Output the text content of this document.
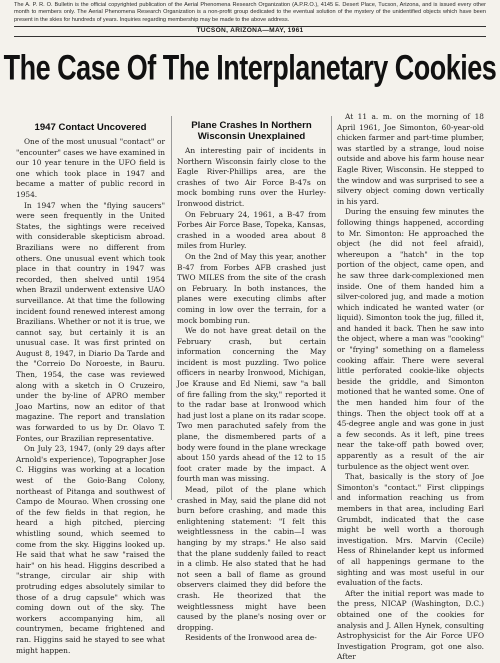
The A. P. R. O. Bulletin is the official copyrighted publication of the Aerial Phenomena Research Organization (A.P.R.O.), 4145 E. Desert Place, Tucson, Arizona, and is issued every other month to members only. The Aerial Phenomena Research Organization is a non-profit group dedicated to the eventual solution of the mystery of the unidentified objects which have been present in the skies for hundreds of years. Inquiries regarding membership may be made to the above address.
TUCSON, ARIZONA—MAY, 1961
The Case Of The Interplanetary Cookies
1947 Contact Uncovered

One of the most unusual "contact" or "encounter" cases we have examined in our 10 year tenure in the UFO field is one which took place in 1947 and became a matter of public record in 1954.

In 1947 when the "flying saucers" were seen frequently in the United States, the sightings were received with considerable skepticism abroad. Brazilians were no different from others. One unusual event which took place in that country in 1947 was recorded, then shelved until 1954 when Brazil underwent extensive UAO surveillance. At that time the following incident found renewed interest among Brazilians. Whether or not it is true, we cannot say, but certainly it is an unusual case. It was first printed on August 8, 1947, in Diario Da Tarde and the "Correio Do Noroeste, in Bauru. Then, 1954, the case was reviewed along with a sketch in O Cruzeiro, under the by-line of APRO member Joao Martins, now an editor of that magazine. The report and translation was forwarded to us by Dr. Olavo T. Fontes, our Brazilian representative.

On July 23, 1947, (only 29 days after Arnold's experience), Topographer Jose C. Higgins was working at a location west of the Goio-Bang Colony, northeast of Pitanga and southwest of Campo de Mourao. When crossing one of the few fields in that region, he heard a high pitched, piercing whistling sound, which seemed to come from the sky. Higgins looked up. He said that what he saw "raised the hair" on his head. Higgins described a "strange, circular air ship with protruding edges absolutely similar to those of a drug capsule" which was coming down out of the sky. The workers accompanying him, all countrymen, became frightened and ran. Higgins said he stayed to see what might happen.

Plane Crashes In Northern Wisconsin Unexplained

An interesting pair of incidents in Northern Wisconsin fairly close to the Eagle River-Phillips area, are the crashes of two Air Force B-47s on mock bombing runs over the Hurley-Ironwood district.

On February 24, 1961, a B-47 from Forbes Air Force Base, Topeka, Kansas, crashed in a wooded area about 8 miles from Hurley.

On the 2nd of May this year, another B-47 from Forbes AFB crashed just TWO MILES from the site of the crash on February. In both instances, the planes were executing climbs after coming in low over the terrain, for a mock bombing run.

We do not have great detail on the February crash, but certain information concerning the May incident is most puzzling. Two police officers in nearby Ironwood, Michigan, Joe Krause and Ed Niemi, saw "a ball of fire falling from the sky," reported it to the radar base at Ironwood which had just lost a plane on its radar scope. Two men parachuted safely from the plane, the dismembered parts of a body were found in the plane wreckage about 150 yards ahead of the 12 to 15 foot crater made by the impact. A fourth man was missing.

Mead, pilot of the plane which crashed in May, said the plane did not burn before crashing, and made this enlightening statement: "I felt this weightlessness in the cabin—I was hanging by my straps." He also said that the plane suddenly failed to react in a climb. He also stated that he had not seen a ball of flame as ground observers claimed they did before the crash. He theorized that the weightlessness might have been caused by the plane's nosing over or dropping.

Residents of the Ironwood area de-

At 11 a. m. on the morning of 18 April 1961, Joe Simonton, 60-year-old chicken farmer and part-time plumber, was startled by a strange, loud noise outside and above his farm house near Eagle River, Wisconsin. He stepped to the window and was surprised to see a silvery object coming down vertically in his yard.

During the ensuing few minutes the following things happened, according to Mr. Simonton: He approached the object (he did not feel afraid), whereupon a "hatch" in the top portion of the object, came open, and he saw three dark-complexioned men inside. One of them handed him a silver-colored jug, and made a motion which indicated he wanted water (or liquid). Simonton took the jug, filled it, and handed it back. Then he saw into the object, where a man was "cooking" or "frying" something on a flameless cooking affair. There were several little perforated cookie-like objects beside the griddle, and Simonton motioned that he wanted some. One of the men handed him four of the things. Then the object took off at a 45-degree angle and was gone in just a few seconds. As it left, pine trees near the take-off path bowed over, apparently as a result of the air turbulence as the object went over.

That, basically is the story of Joe Simonton's "contact." First clippings and information reaching us from members in that area, including Earl Grumbdt, indicated that the case might be well worth a thorough investigation. Mrs. Marvin (Cecile) Hess of Rhinelander kept us informed of all happenings germane to the sighting and was most useful in our evaluation of the facts.

After the initial report was made to the press, NICAP (Washington, D.C.) obtained one of the cookies for analysis and J. Allen Hynek, consulting Astrophysicist for the Air Force UFO Investigation Program, got one also. After
